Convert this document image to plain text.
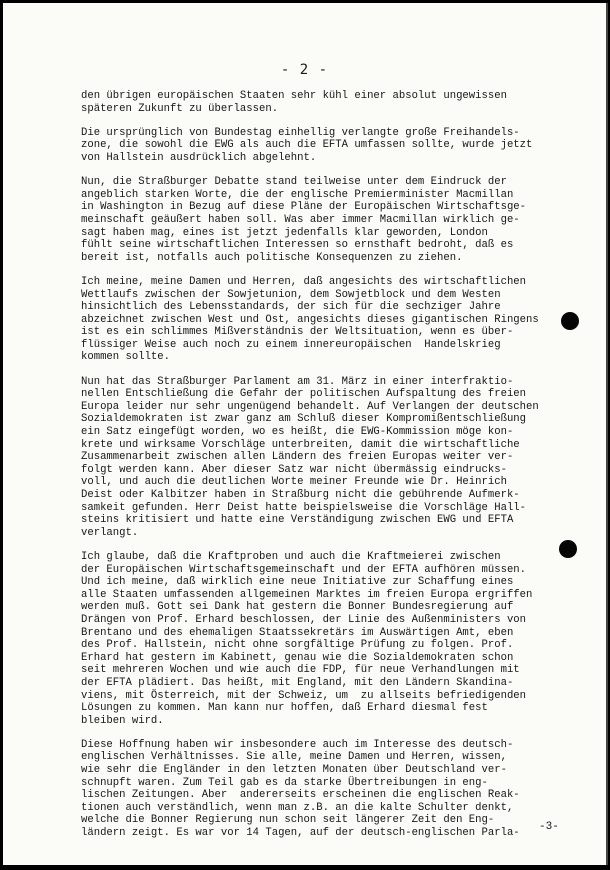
- 2 -
den übrigen europäischen Staaten sehr kühl einer absolut ungewissen
späteren Zukunft zu überlassen.
Die ursprünglich von Bundestag einhellig verlangte große Freihandels-
zone, die sowohl die EWG als auch die EFTA umfassen sollte, wurde jetzt
von Hallstein ausdrücklich abgelehnt.
Nun, die Straßburger Debatte stand teilweise unter dem Eindruck der
angeblich starken Worte, die der englische Premierminister Macmillan
in Washington in Bezug auf diese Pläne der Europäischen Wirtschaftsge-
meinschaft geäußert haben soll. Was aber immer Macmillan wirklich ge-
sagt haben mag, eines ist jetzt jedenfalls klar geworden, London
fühlt seine wirtschaftlichen Interessen so ernsthaft bedroht, daß es
bereit ist, notfalls auch politische Konsequenzen zu ziehen.
Ich meine, meine Damen und Herren, daß angesichts des wirtschaftlichen
Wettlaufs zwischen der Sowjetunion, dem Sowjetblock und dem Westen
hinsichtlich des Lebensstandards, der sich für die sechziger Jahre
abzeichnet zwischen West und Ost, angesichts dieses gigantischen Ringens
ist es ein schlimmes Mißverständnis der Weltsituation, wenn es über-
flüssiger Weise auch noch zu einem innereuropäischen  Handelskrieg
kommen sollte.
Nun hat das Straßburger Parlament am 31. März in einer interfraktio-
nellen Entschließung die Gefahr der politischen Aufspaltung des freien
Europa leider nur sehr ungenügend behandelt. Auf Verlangen der deutschen
Sozialdemokraten ist zwar ganz am Schluß dieser Kompromißentschließung
ein Satz eingefügt worden, wo es heißt, die EWG-Kommission möge kon-
krete und wirksame Vorschläge unterbreiten, damit die wirtschaftliche
Zusammenarbeit zwischen allen Ländern des freien Europas weiter ver-
folgt werden kann. Aber dieser Satz war nicht übermässig eindrucks-
voll, und auch die deutlichen Worte meiner Freunde wie Dr. Heinrich
Deist oder Kalbitzer haben in Straßburg nicht die gebührende Aufmerk-
samkeit gefunden. Herr Deist hatte beispielsweise die Vorschläge Hall-
steins kritisiert und hatte eine Verständigung zwischen EWG und EFTA
verlangt.
Ich glaube, daß die Kraftproben und auch die Kraftmeierei zwischen
der Europäischen Wirtschaftsgemeinschaft und der EFTA aufhören müssen.
Und ich meine, daß wirklich eine neue Initiative zur Schaffung eines
alle Staaten umfassenden allgemeinen Marktes im freien Europa ergriffen
werden muß. Gott sei Dank hat gestern die Bonner Bundesregierung auf
Drängen von Prof. Erhard beschlossen, der Linie des Außenministers von
Brentano und des ehemaligen Staatssekretärs im Auswärtigen Amt, eben
des Prof. Hallstein, nicht ohne sorgfältige Prüfung zu folgen. Prof.
Erhard hat gestern im Kabinett, genau wie die Sozialdemokraten schon
seit mehreren Wochen und wie auch die FDP, für neue Verhandlungen mit
der EFTA plädiert. Das heißt, mit England, mit den Ländern Skandina-
viens, mit Österreich, mit der Schweiz, um  zu allseits befriedigenden
Lösungen zu kommen. Man kann nur hoffen, daß Erhard diesmal fest
bleiben wird.
Diese Hoffnung haben wir insbesondere auch im Interesse des deutsch-
englischen Verhältnisses. Sie alle, meine Damen und Herren, wissen,
wie sehr die Engländer in den letzten Monaten über Deutschland ver-
schnupft waren. Zum Teil gab es da starke Übertreibungen in eng-
lischen Zeitungen. Aber  andererseits erscheinen die englischen Reak-
tionen auch verständlich, wenn man z.B. an die kalte Schulter denkt,
welche die Bonner Regierung nun schon seit längerer Zeit den Eng-
ländern zeigt. Es war vor 14 Tagen, auf der deutsch-englischen Parla-
-3-
